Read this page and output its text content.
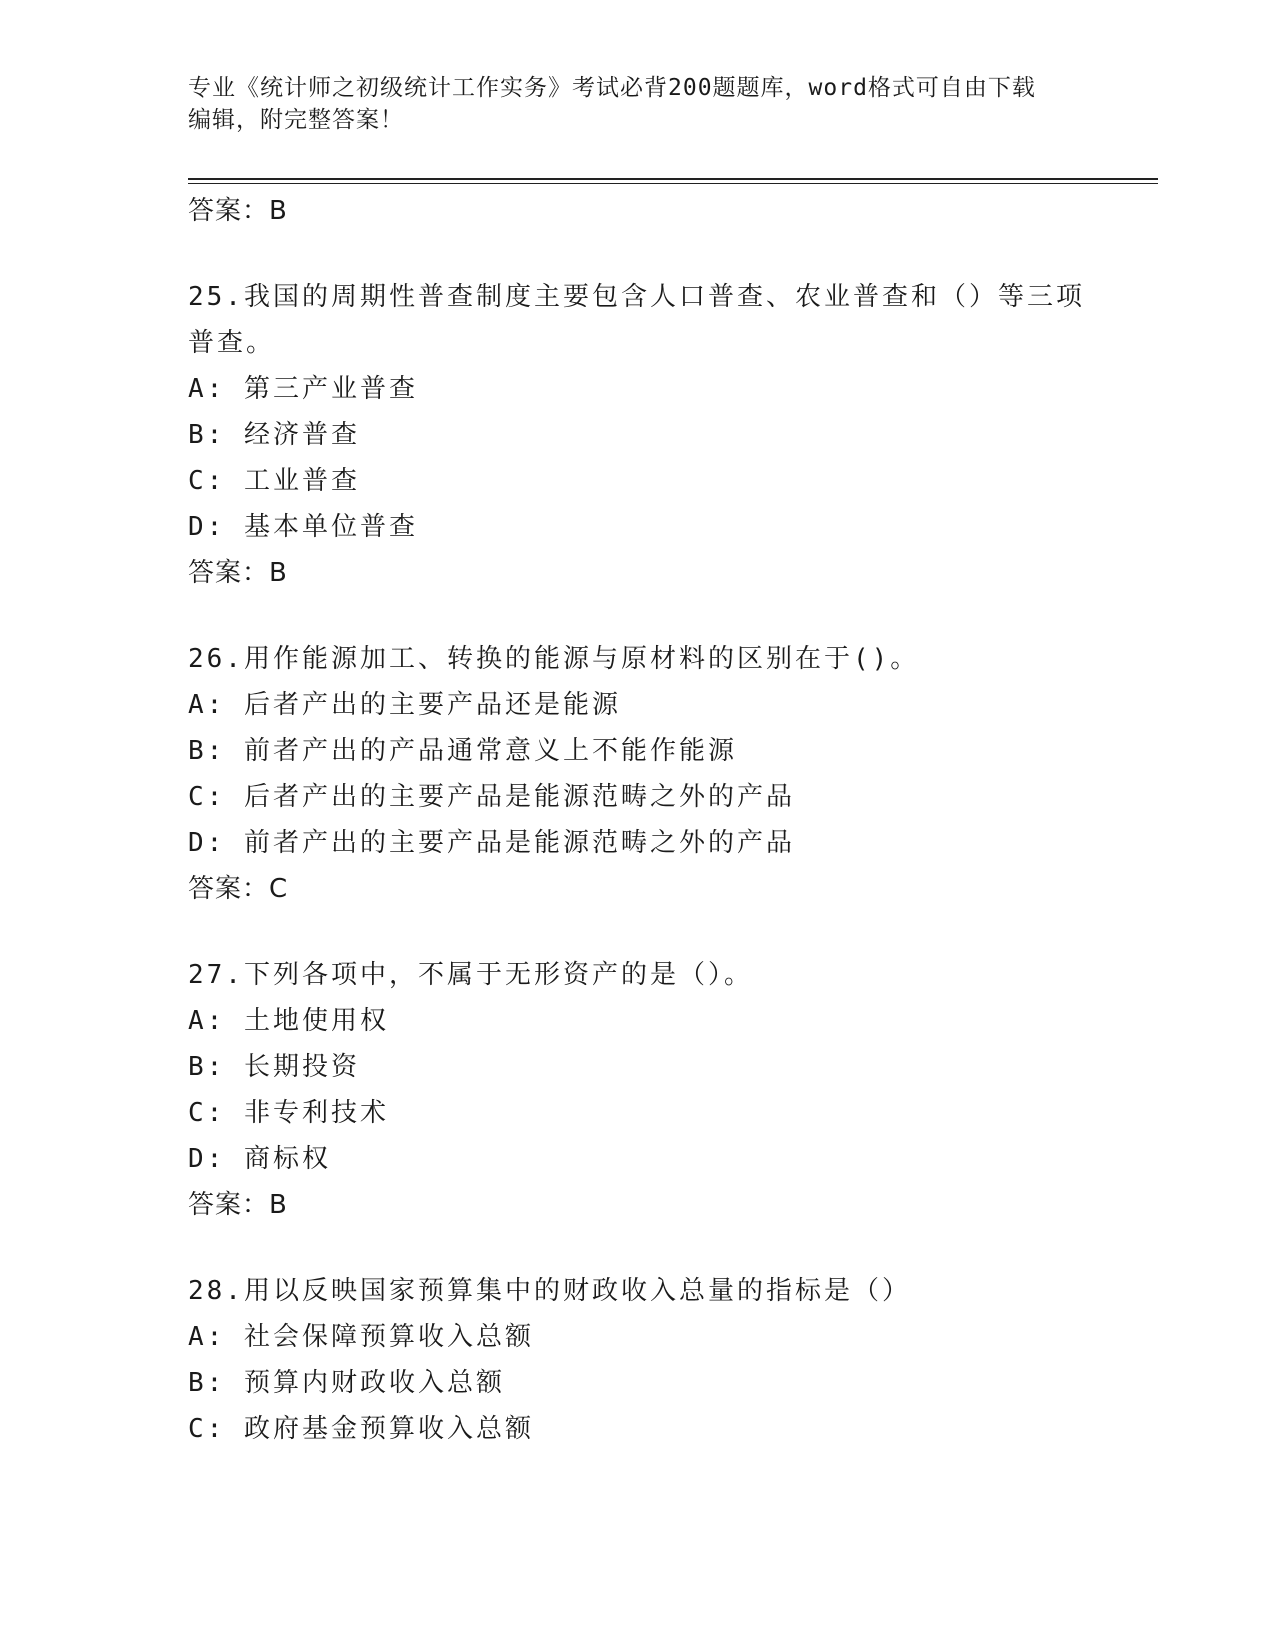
专业《统计师之初级统计工作实务》考试必背200题题库，word格式可自由下载
编辑，附完整答案！
答案：B
25.我国的周期性普查制度主要包含人口普查、农业普查和（）等三项普查。
A: 第三产业普查
B: 经济普查
C: 工业普查
D: 基本单位普查
答案：B
26.用作能源加工、转换的能源与原材料的区别在于()。
A: 后者产出的主要产品还是能源
B: 前者产出的产品通常意义上不能作能源
C: 后者产出的主要产品是能源范畴之外的产品
D: 前者产出的主要产品是能源范畴之外的产品
答案：C
27.下列各项中，不属于无形资产的是（）。
A: 土地使用权
B: 长期投资
C: 非专利技术
D: 商标权
答案：B
28.用以反映国家预算集中的财政收入总量的指标是（）
A: 社会保障预算收入总额
B: 预算内财政收入总额
C: 政府基金预算收入总额
